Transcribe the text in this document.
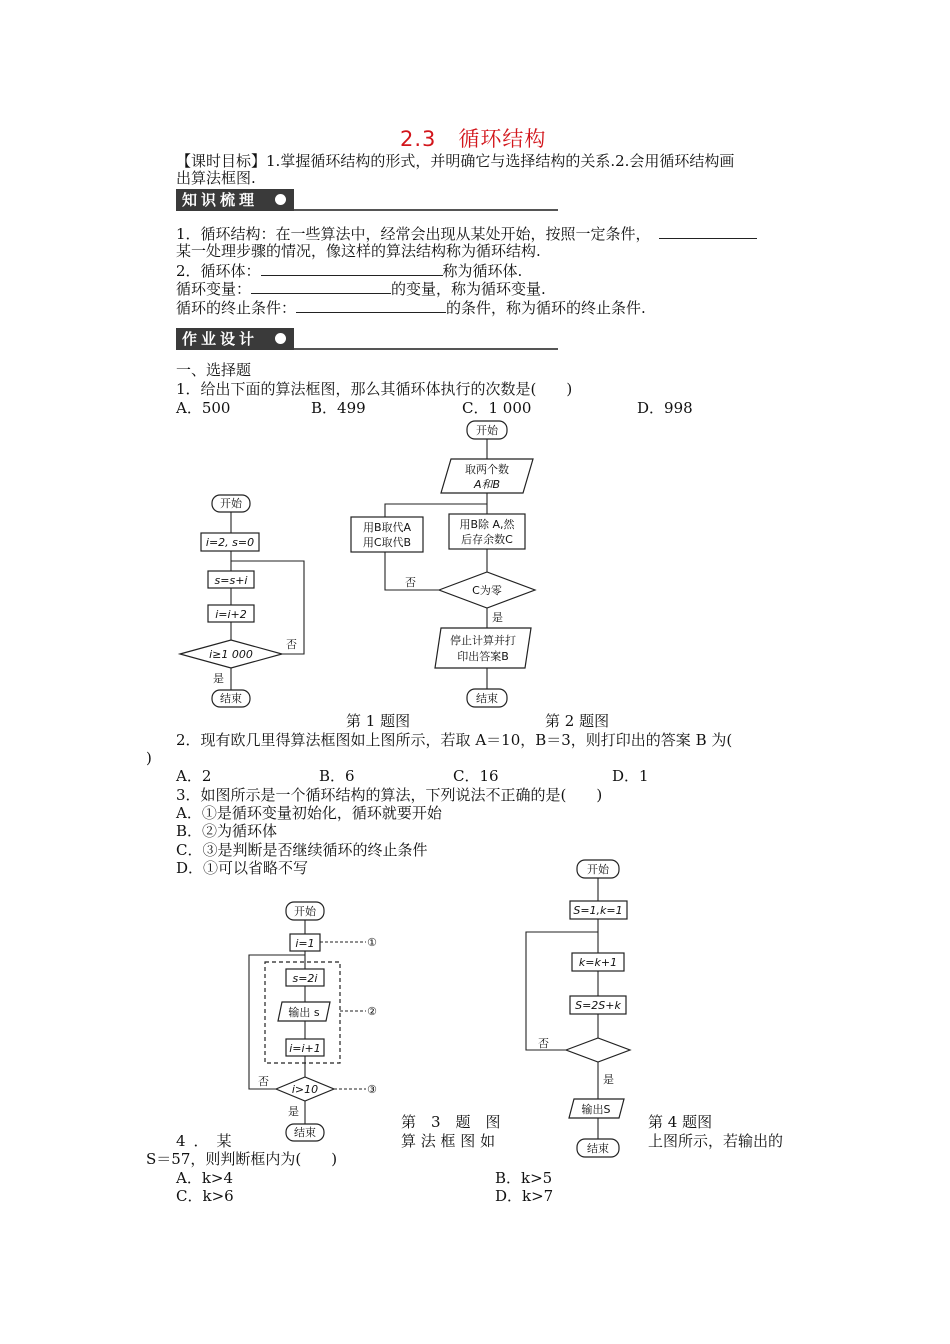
2.3　循环结构
【课时目标】1.掌握循环结构的形式，并明确它与选择结构的关系.2.会用循环结构画
出算法框图.
知识梳理
1．循环结构：在一些算法中，经常会出现从某处开始，按照一定条件，
某一处理步骤的情况，像这样的算法结构称为循环结构.
2．循环体：	称为循环体.
循环变量：	的变量，称为循环变量.
循环的终止条件：	的条件，称为循环的终止条件.
作业设计
一、选择题
1．给出下面的算法框图，那么其循环体执行的次数是(　　)
A．500	B．499	C．1 000	D．998
开始
i=2, s=0
s=s+i
i=i+2
i≥1 000
否
是
结束
开始
取两个数
A和B
用B除 A,然
后存余数C
用B取代A
用C取代B
C为零
否
是
停止计算并打
印出答案B
结束
第 1 题图	第 2 题图
2．现有欧几里得算法框图如上图所示，若取 A＝10，B＝3，则打印出的答案 B 为(
)
A．2	B．6	C．16	D．1
3．如图所示是一个循环结构的算法，下列说法不正确的是(　　)
A．①是循环变量初始化，循环就要开始
B．②为循环体
C．③是判断是否继续循环的终止条件
D．①可以省略不写
开始
i=1	①
s=2i
输出 s	②
i=i+1
i>10	③
否
是
结束
开始
S=1,k=1
k=k+1
S=2S+k
否
是
输出S
结束
第　3　题　图	第 4 题图
4．某	算 法 框 图 如	上图所示，若输出的
S＝57，则判断框内为(　　)
A．k>4	B．k>5
C．k>6	D．k>7
